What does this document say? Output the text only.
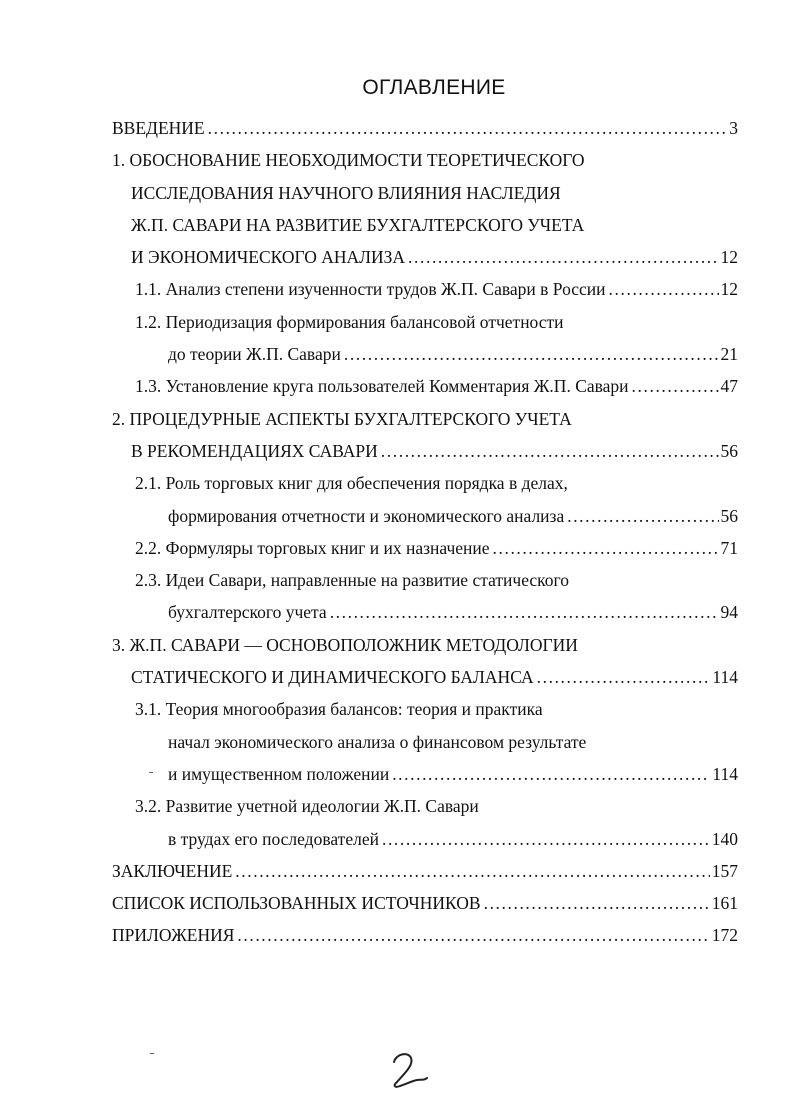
ОГЛАВЛЕНИЕ
ВВЕДЕНИЕ .....	3
1. ОБОСНОВАНИЕ НЕОБХОДИМОСТИ ТЕОРЕТИЧЕСКОГО
ИССЛЕДОВАНИЯ НАУЧНОГО ВЛИЯНИЯ НАСЛЕДИЯ
Ж.П. САВАРИ НА РАЗВИТИЕ БУХГАЛТЕРСКОГО УЧЕТА
И ЭКОНОМИЧЕСКОГО АНАЛИЗА .....	12
1.1. Анализ степени изученности трудов Ж.П. Савари в России .....	12
1.2. Периодизация формирования балансовой отчетности
до теории Ж.П. Савари .....	21
1.3. Установление круга пользователей Комментария Ж.П. Савари .....	47
2. ПРОЦЕДУРНЫЕ АСПЕКТЫ БУХГАЛТЕРСКОГО УЧЕТА
В РЕКОМЕНДАЦИЯХ САВАРИ .....	56
2.1. Роль торговых книг для обеспечения порядка в делах,
формирования отчетности и экономического анализа .....	56
2.2. Формуляры торговых книг и их назначение .....	71
2.3. Идеи Савари, направленные на развитие статического
бухгалтерского учета .....	94
3. Ж.П. САВАРИ — ОСНОВОПОЛОЖНИК МЕТОДОЛОГИИ
СТАТИЧЕСКОГО И ДИНАМИЧЕСКОГО БАЛАНСА .....	114
3.1. Теория многообразия балансов: теория и практика
начал экономического анализа о финансовом результате
и имущественном положении .....	114
3.2. Развитие учетной идеологии Ж.П. Савари
в трудах его последователей .....	140
ЗАКЛЮЧЕНИЕ .....	157
СПИСОК ИСПОЛЬЗОВАННЫХ ИСТОЧНИКОВ .....	161
ПРИЛОЖЕНИЯ .....	172
